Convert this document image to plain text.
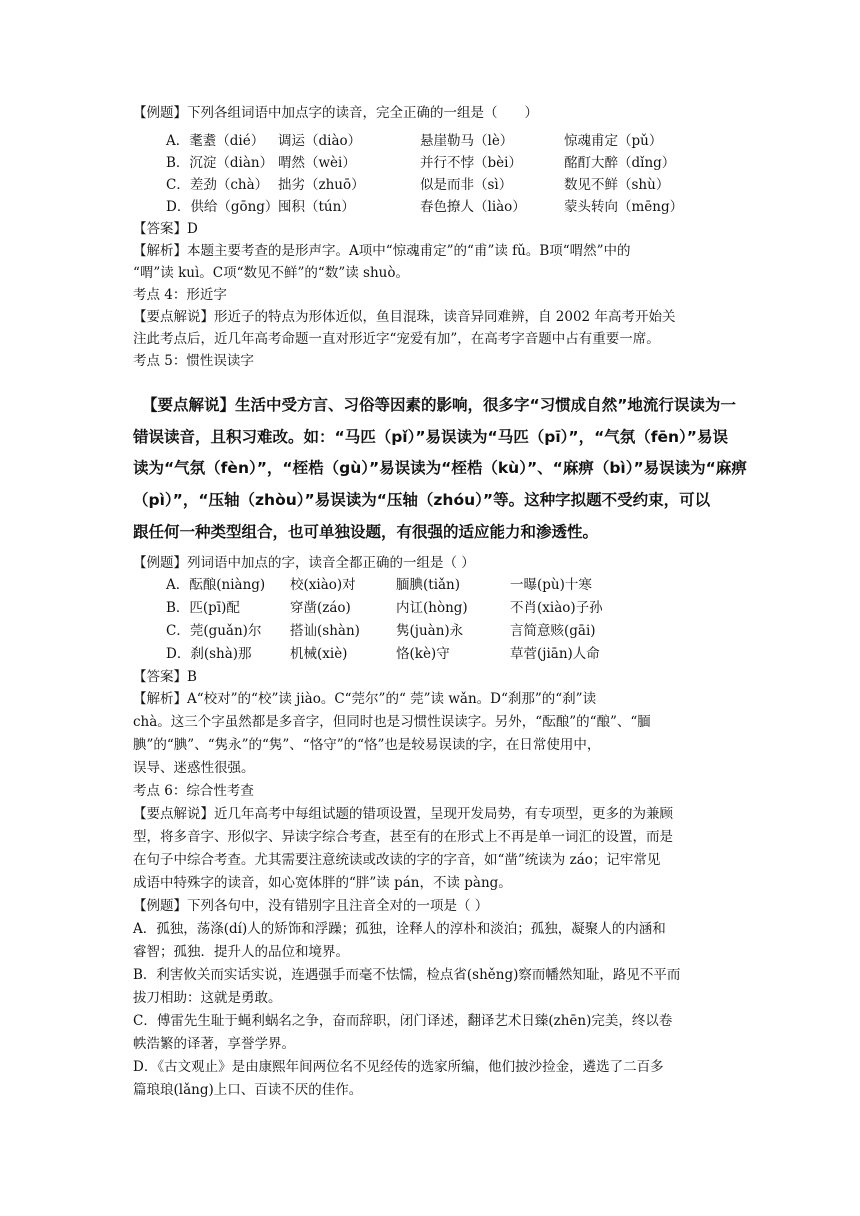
【例题】下列各组词语中加点字的读音，完全正确的一组是（　　）
A．耄耋（dié） 调运（diào）	悬崖勒马（lè）	惊魂甫定（pǔ）
B．沉淀（diàn） 喟然（wèi）	并行不悖（bèi）	酩酊大醉（dǐng）
C．差劲（chà） 拙劣（zhuō）	似是而非（sì）	数见不鲜（shù）
D．供给（gōng） 囤积（tún）	春色撩人（liào）	蒙头转向（mēng）
【答案】D
【解析】本题主要考查的是形声字。A项中“惊魂甫定”的“甫”读 fǔ。B项“喟然”中的
“喟”读 kuì。C项“数见不鲜”的“数”读 shuò。
考点 4：形近字
【要点解说】形近子的特点为形体近似，鱼目混珠，读音异同难辨，自 2002 年高考开始关
注此考点后，近几年高考命题一直对形近字“宠爱有加”，在高考字音题中占有重要一席。
考点 5：惯性误读字
【要点解说】生活中受方言、习俗等因素的影响，很多字“习惯成自然”地流行误读为一
错误读音，且积习难改。如：“马匹（pǐ）”易误读为“马匹（pī）”，“气氛（fēn）”易误
读为“气氛（fèn）”，“桎梏（gù）”易误读为“桎梏（kù）”、“麻痹（bì）”易误读为“麻痹
（pì）”，“压轴（zhòu）”易误读为“压轴（zhóu）”等。这种字拟题不受约束，可以
跟任何一种类型组合，也可单独设题，有很强的适应能力和渗透性。
【例题】列词语中加点的字，读音全都正确的一组是（ ）
A．酝酿(niàng) 校(xiào)对	腼腆(tiǎn)	一曝(pù)十寒
B．匹(pī)配	穿凿(záo)	内讧(hòng)	不肖(xiào)子孙
C．莞(guǎn)尔 搭讪(shàn)	隽(juàn)永	言简意赅(gāi)
D．刹(shà)那	机械(xiè)	恪(kè)守	草菅(jiān)人命
【答案】B
【解析】A“校对”的“校”读 jiào。C“莞尔”的“ 莞”读 wǎn。D“刹那”的“刹”读
chà。这三个字虽然都是多音字，但同时也是习惯性误读字。另外，“酝酿”的“酿”、“腼
腆”的“腆”、“隽永”的“隽”、“恪守”的“恪”也是较易误读的字，在日常使用中，
误导、迷惑性很强。
考点 6：综合性考查
【要点解说】近几年高考中每组试题的错项设置，呈现开发局势，有专项型，更多的为兼顾
型，将多音字、形似字、异读字综合考查，甚至有的在形式上不再是单一词汇的设置，而是
在句子中综合考查。尤其需要注意统读或改读的字的字音，如“凿”统读为 záo；记牢常见
成语中特殊字的读音，如心宽体胖的“胖”读 pán，不读 pàng。
【例题】下列各句中，没有错别字且注音全对的一项是（ ）
A．孤独，荡涤(dí)人的矫饰和浮躁；孤独，诠释人的淳朴和淡泊；孤独，凝聚人的内涵和
睿智；孤独．提升人的品位和境界。
B．利害攸关而实话实说，连遇强手而毫不怯懦，检点省(shěng)察而幡然知耻，路见不平而
拔刀相助：这就是勇敢。
C．傅雷先生耻于蝇利蜗名之争，奋而辞职，闭门译述，翻译艺术日臻(zhēn)完美，终以卷
帙浩繁的译著，享誉学界。
D．《古文观止》是由康熙年间两位名不见经传的选家所编，他们披沙捡金，遴选了二百多
篇琅琅(lǎng)上口、百读不厌的佳作。
